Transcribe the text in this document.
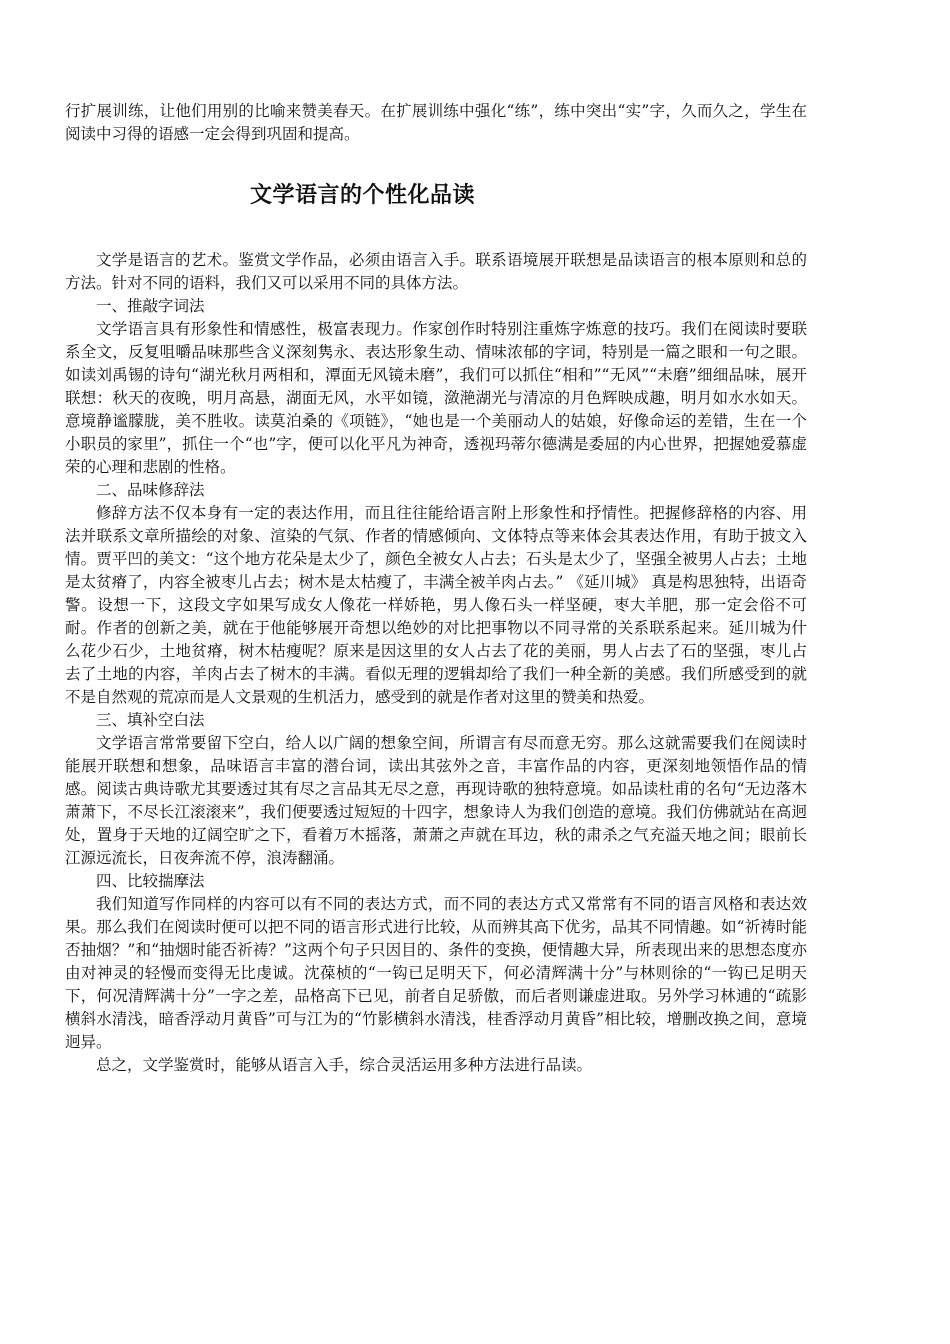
行扩展训练，让他们用别的比喻来赞美春天。在扩展训练中强化“练”，练中突出“实”字，久而久之，学生在阅读中习得的语感一定会得到巩固和提高。

文学语言的个性化品读

文学是语言的艺术。鉴赏文学作品，必须由语言入手。联系语境展开联想是品读语言的根本原则和总的方法。针对不同的语料，我们又可以采用不同的具体方法。

一、推敲字词法

文学语言具有形象性和情感性，极富表现力。作家创作时特别注重炼字炼意的技巧。我们在阅读时要联系全文，反复咀嚼品味那些含义深刻隽永、表达形象生动、情味浓郁的字词，特别是一篇之眼和一句之眼。如读刘禹锡的诗句“湖光秋月两相和，潭面无风镜未磨”，我们可以抓住“相和”“无风”“未磨”细细品味，展开联想：秋天的夜晚，明月高悬，湖面无风，水平如镜，潋滟湖光与清凉的月色辉映成趣，明月如水水如天。意境静谧朦胧，美不胜收。读莫泊桑的《项链》，“她也是一个美丽动人的姑娘，好像命运的差错，生在一个小职员的家里”，抓住一个“也”字，便可以化平凡为神奇，透视玛蒂尔德满是委屈的内心世界，把握她爱慕虚荣的心理和悲剧的性格。

二、品味修辞法

修辞方法不仅本身有一定的表达作用，而且往往能给语言附上形象性和抒情性。把握修辞格的内容、用法并联系文章所描绘的对象、渲染的气氛、作者的情感倾向、文体特点等来体会其表达作用，有助于披文入情。贾平凹的美文：“这个地方花朵是太少了，颜色全被女人占去；石头是太少了，坚强全被男人占去；土地是太贫瘠了，内容全被枣儿占去；树木是太枯瘦了，丰满全被羊肉占去。” 《延川城》 真是构思独特，出语奇警。设想一下，这段文字如果写成女人像花一样娇艳，男人像石头一样坚硬，枣大羊肥，那一定会俗不可耐。作者的创新之美，就在于他能够展开奇想以绝妙的对比把事物以不同寻常的关系联系起来。延川城为什么花少石少，土地贫瘠，树木枯瘦呢？原来是因这里的女人占去了花的美丽，男人占去了石的坚强，枣儿占去了土地的内容，羊肉占去了树木的丰满。看似无理的逻辑却给了我们一种全新的美感。我们所感受到的就不是自然观的荒凉而是人文景观的生机活力，感受到的就是作者对这里的赞美和热爱。

三、填补空白法

文学语言常常要留下空白，给人以广阔的想象空间，所谓言有尽而意无穷。那么这就需要我们在阅读时能展开联想和想象，品味语言丰富的潜台词，读出其弦外之音，丰富作品的内容，更深刻地领悟作品的情感。阅读古典诗歌尤其要透过其有尽之言品其无尽之意，再现诗歌的独特意境。如品读杜甫的名句“无边落木萧萧下，不尽长江滚滚来”，我们便要透过短短的十四字，想象诗人为我们创造的意境。我们仿佛就站在高迥处，置身于天地的辽阔空旷之下，看着万木摇落，萧萧之声就在耳边，秋的肃杀之气充溢天地之间；眼前长江源远流长，日夜奔流不停，浪涛翻涌。

四、比较揣摩法

我们知道写作同样的内容可以有不同的表达方式，而不同的表达方式又常常有不同的语言风格和表达效果。那么我们在阅读时便可以把不同的语言形式进行比较，从而辨其高下优劣，品其不同情趣。如“祈祷时能否抽烟？”和“抽烟时能否祈祷？”这两个句子只因目的、条件的变换，便情趣大异，所表现出来的思想态度亦由对神灵的轻慢而变得无比虔诚。沈葆桢的“一钩已足明天下，何必清辉满十分”与林则徐的“一钩已足明天下，何况清辉满十分”一字之差，品格高下已见，前者自足骄傲，而后者则谦虚进取。另外学习林逋的“疏影横斜水清浅，暗香浮动月黄昏”可与江为的“竹影横斜水清浅，桂香浮动月黄昏”相比较，增删改换之间，意境迥异。

总之，文学鉴赏时，能够从语言入手，综合灵活运用多种方法进行品读。
